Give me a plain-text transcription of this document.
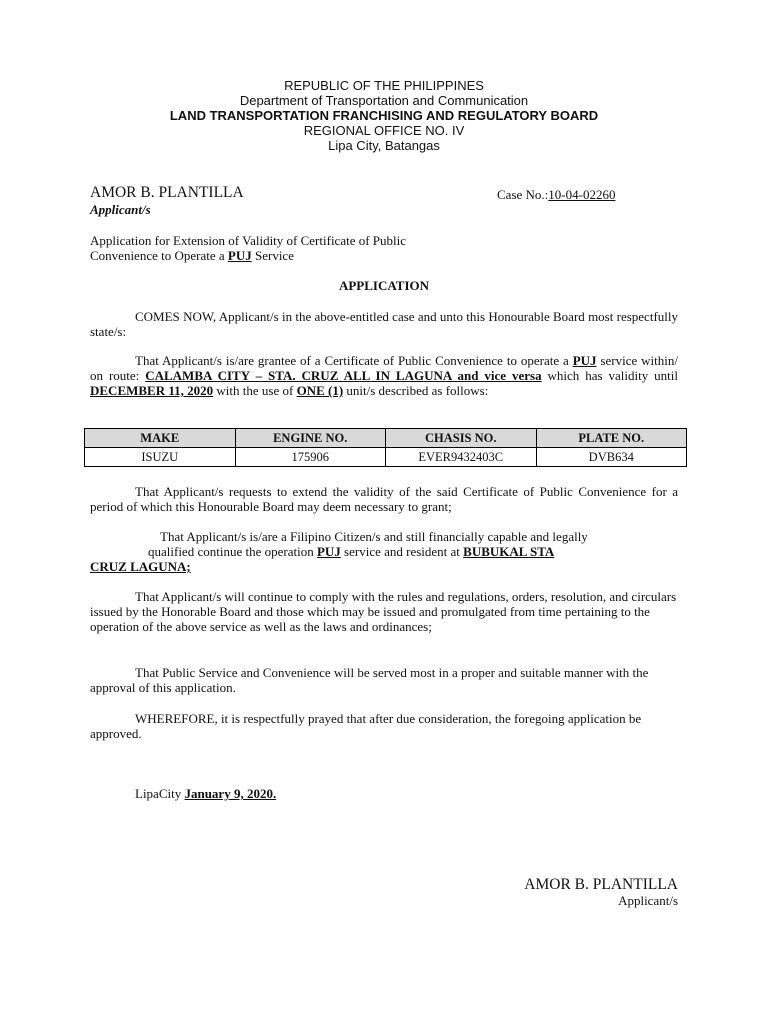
REPUBLIC OF THE PHILIPPINES
Department of Transportation and Communication
LAND TRANSPORTATION FRANCHISING AND REGULATORY BOARD
REGIONAL OFFICE NO. IV
Lipa City, Batangas
AMOR B. PLANTILLA
Applicant/s
Case No.:10-04-02260
Application for Extension of Validity of Certificate of Public
Convenience to Operate a PUJ Service
APPLICATION
COMES NOW, Applicant/s in the above-entitled case and unto this Honourable Board most respectfully state/s:
That Applicant/s is/are grantee of a Certificate of Public Convenience to operate a PUJ service within/ on route: CALAMBA CITY – STA. CRUZ ALL IN LAGUNA and vice versa which has validity until DECEMBER 11, 2020 with the use of ONE (1) unit/s described as follows:
MAKE	ENGINE NO.	CHASIS NO.	PLATE NO.
ISUZU	175906	EVER9432403C	DVB634
That Applicant/s requests to extend the validity of the said Certificate of Public Convenience for a period of which this Honourable Board may deem necessary to grant;
That Applicant/s is/are a Filipino Citizen/s and still financially capable and legally
qualified continue the operation PUJ service and resident at BUBUKAL STA
CRUZ LAGUNA;
That Applicant/s will continue to comply with the rules and regulations, orders, resolution, and circulars issued by the Honorable Board and those which may be issued and promulgated from time pertaining to the operation of the above service as well as the laws and ordinances;
That Public Service and Convenience will be served most in a proper and suitable manner with the approval of this application.
WHEREFORE, it is respectfully prayed that after due consideration, the foregoing application be approved.
LipaCity January 9, 2020.
AMOR B. PLANTILLA
Applicant/s
